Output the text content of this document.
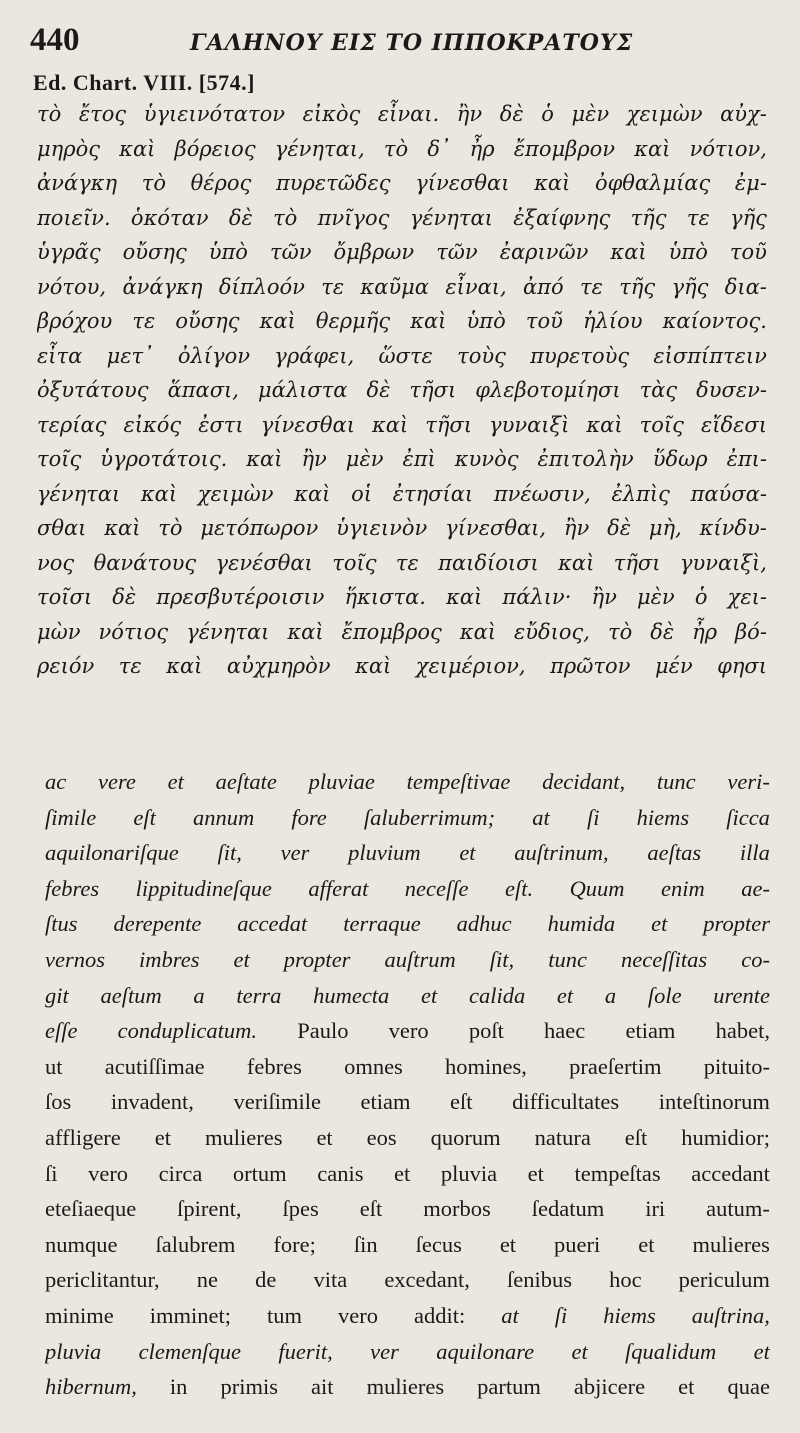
440	ΓΑΛΗΝΟΥ ΕΙΣ ΤΟ ΙΠΠΟΚΡΑΤΟΥΣ
Ed. Chart. VIII. [574.]
τὸ ἔτος ὑγιεινότατον εἰκὸς εἶναι. ἢν δὲ ὁ μὲν χειμὼν αὐχ-
μηρὸς καὶ βόρειος γένηται, τὸ δ᾽ ἦρ ἔπομβρον καὶ νότιον,
ἀνάγκη τὸ θέρος πυρετῶδες γίνεσθαι καὶ ὀφθαλμίας ἐμ-
ποιεῖν. ὁκόταν δὲ τὸ πνῖγος γένηται ἐξαίφνης τῆς τε γῆς
ὑγρᾶς οὔσης ὑπὸ τῶν ὄμβρων τῶν ἐαρινῶν καὶ ὑπὸ τοῦ
νότου, ἀνάγκη δίπλοόν τε καῦμα εἶναι, ἀπό τε τῆς γῆς δια-
βρόχου τε οὔσης καὶ θερμῆς καὶ ὑπὸ τοῦ ἡλίου καίοντος.
εἶτα μετ᾽ ὀλίγον γράφει, ὥστε τοὺς πυρετοὺς εἰσπίπτειν
ὀξυτάτους ἅπασι, μάλιστα δὲ τῆσι φλεβοτομίησι τὰς δυσεν-
τερίας εἰκός ἐστι γίνεσθαι καὶ τῆσι γυναιξὶ καὶ τοῖς εἴδεσι
τοῖς ὑγροτάτοις. καὶ ἢν μὲν ἐπὶ κυνὸς ἐπιτολὴν ὕδωρ ἐπι-
γένηται καὶ χειμὼν καὶ οἱ ἐτησίαι πνέωσιν, ἐλπὶς παύσα-
σθαι καὶ τὸ μετόπωρον ὑγιεινὸν γίνεσθαι, ἢν δὲ μὴ, κίνδυ-
νος θανάτους γενέσθαι τοῖς τε παιδίοισι καὶ τῆσι γυναιξὶ,
τοῖσι δὲ πρεσβυτέροισιν ἥκιστα. καὶ πάλιν· ἢν μὲν ὁ χει-
μὼν νότιος γένηται καὶ ἔπομβρος καὶ εὔδιος, τὸ δὲ ἦρ βό-
ρειόν τε καὶ αὐχμηρὸν καὶ χειμέριον, πρῶτον μέν φησι
ac vere et aeſtate pluviae tempeſtivae decidant, tunc veri-
ſimile eſt annum fore ſaluberrimum; at ſi hiems ſicca
aquilonariſque ſit, ver pluvium et auſtrinum, aeſtas illa
febres lippitudineſque afferat neceſſe eſt. Quum enim ae-
ſtus derepente accedat terraque adhuc humida et propter
vernos imbres et propter auſtrum ſit, tunc neceſſitas co-
git aeſtum a terra humecta et calida et a ſole urente
eſſe conduplicatum. Paulo vero poſt haec etiam habet,
ut acutiſſimae febres omnes homines, praeſertim pituito-
ſos invadent, veriſimile etiam eſt difficultates inteſtinorum
affligere et mulieres et eos quorum natura eſt humidior;
ſi vero circa ortum canis et pluvia et tempeſtas accedant
eteſiaeque ſpirent, ſpes eſt morbos ſedatum iri autum-
numque ſalubrem fore; ſin ſecus et pueri et mulieres
periclitantur, ne de vita excedant, ſenibus hoc periculum
minime imminet; tum vero addit: at ſi hiems auſtrina,
pluvia clemenſque fuerit, ver aquilonare et ſqualidum et
hibernum, in primis ait mulieres partum abjicere et quae
